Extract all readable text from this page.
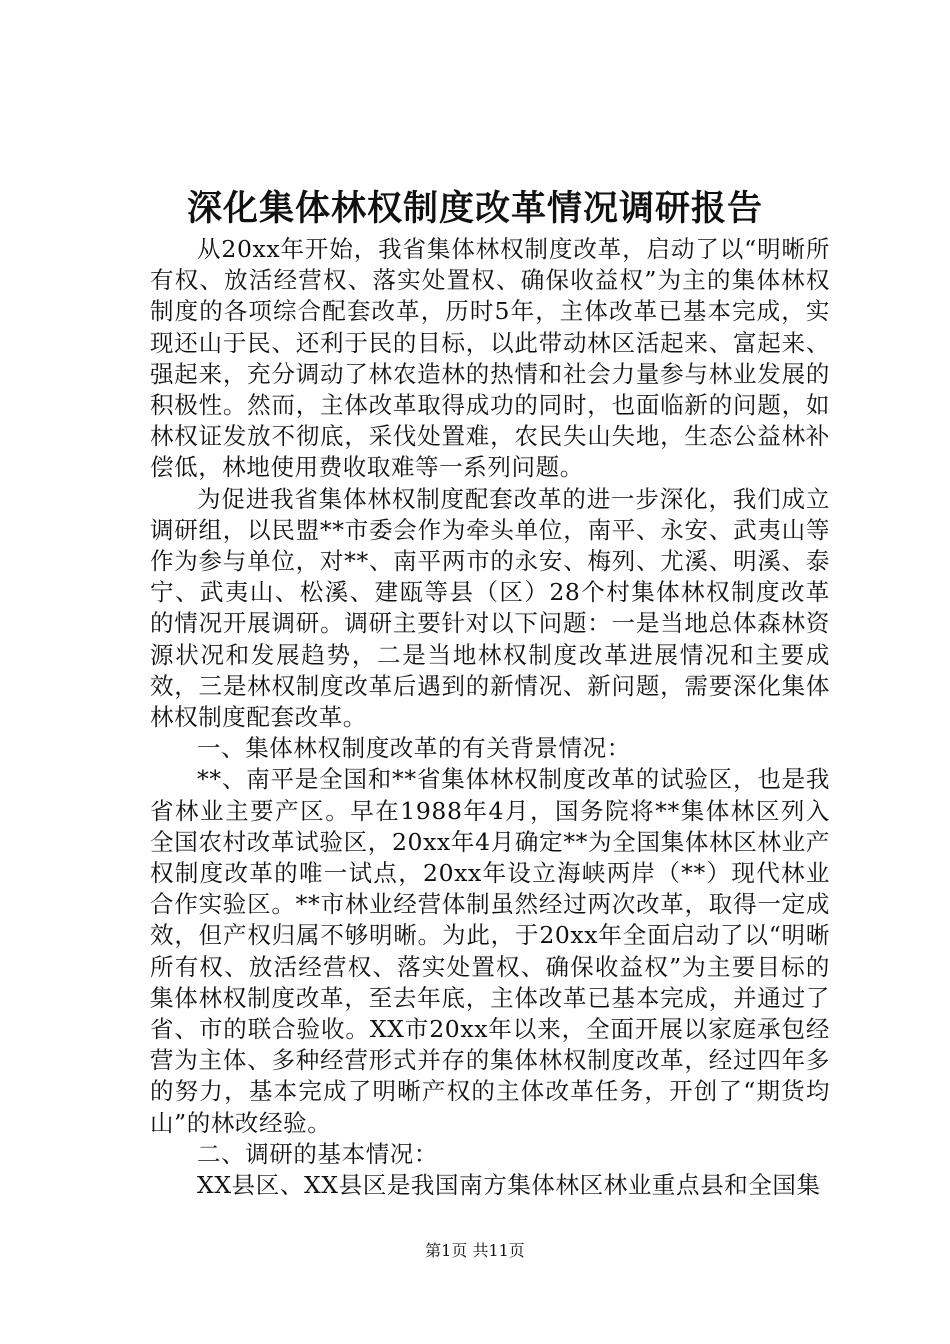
深化集体林权制度改革情况调研报告

从20xx年开始，我省集体林权制度改革，启动了以“明晰所有权、放活经营权、落实处置权、确保收益权”为主的集体林权制度的各项综合配套改革，历时5年，主体改革已基本完成，实现还山于民、还利于民的目标，以此带动林区活起来、富起来、强起来，充分调动了林农造林的热情和社会力量参与林业发展的积极性。然而，主体改革取得成功的同时，也面临新的问题，如林权证发放不彻底，采伐处置难，农民失山失地，生态公益林补偿低，林地使用费收取难等一系列问题。

为促进我省集体林权制度配套改革的进一步深化，我们成立调研组，以民盟**市委会作为牵头单位，南平、永安、武夷山等作为参与单位，对**、南平两市的永安、梅列、尤溪、明溪、泰宁、武夷山、松溪、建瓯等县（区）28个村集体林权制度改革的情况开展调研。调研主要针对以下问题：一是当地总体森林资源状况和发展趋势，二是当地林权制度改革进展情况和主要成效，三是林权制度改革后遇到的新情况、新问题，需要深化集体林权制度配套改革。

一、集体林权制度改革的有关背景情况：

**、南平是全国和**省集体林权制度改革的试验区，也是我省林业主要产区。早在1988年4月，国务院将**集体林区列入全国农村改革试验区，20xx年4月确定**为全国集体林区林业产权制度改革的唯一试点，20xx年设立海峡两岸（**）现代林业合作实验区。**市林业经营体制虽然经过两次改革，取得一定成效，但产权归属不够明晰。为此，于20xx年全面启动了以“明晰所有权、放活经营权、落实处置权、确保收益权”为主要目标的集体林权制度改革，至去年底，主体改革已基本完成，并通过了省、市的联合验收。XX市20xx年以来，全面开展以家庭承包经营为主体、多种经营形式并存的集体林权制度改革，经过四年多的努力，基本完成了明晰产权的主体改革任务，开创了“期货均山”的林改经验。

二、调研的基本情况：

XX县区、XX县区是我国南方集体林区林业重点县和全国集

第1页 共11页
